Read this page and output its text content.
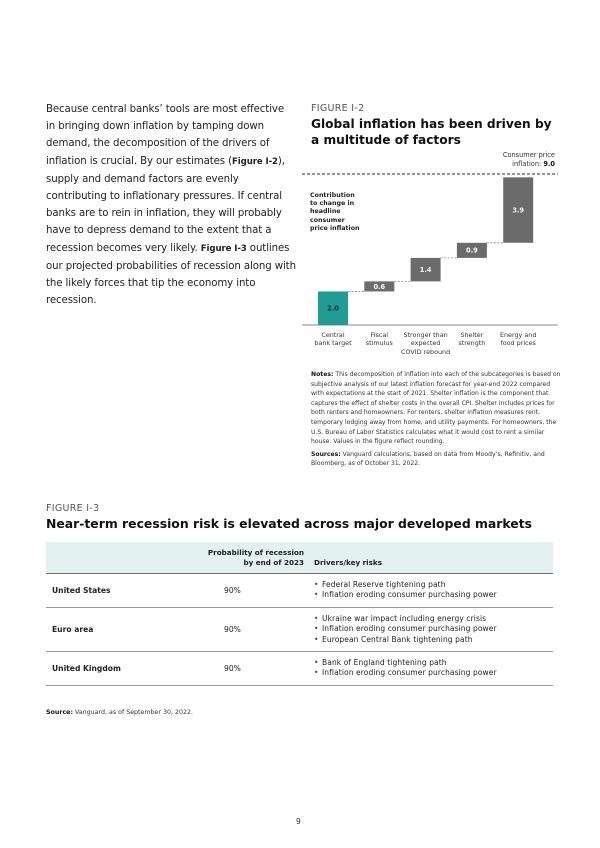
Because central banks’ tools are most effective in bringing down inflation by tamping down demand, the decomposition of the drivers of inflation is crucial. By our estimates (Figure I-2), supply and demand factors are evenly contributing to inflationary pressures. If central banks are to rein in inflation, they will probably have to depress demand to the extent that a recession becomes very likely. Figure I-3 outlines our projected probabilities of recession along with the likely forces that tip the economy into recession.
FIGURE I-2
Global inflation has been driven by a multitude of factors
2.0
0.6
1.4
0.9
3.9
Consumer price
inflation: 9.0
Contribution
to change in
headline
consumer
price inflation
Central
bank target
Fiscal
stimulus
Stronger than
expected
COVID rebound
Shelter
strength
Energy and
food prices
Notes: This decomposition of inflation into each of the subcategories is based on subjective analysis of our latest inflation forecast for year-end 2022 compared with expectations at the start of 2021. Shelter inflation is the component that captures the effect of shelter costs in the overall CPI. Shelter includes prices for both renters and homeowners. For renters, shelter inflation measures rent, temporary lodging away from home, and utility payments. For homeowners, the U.S. Bureau of Labor Statistics calculates what it would cost to rent a similar house. Values in the figure reflect rounding.
Sources: Vanguard calculations, based on data from Moody’s, Refinitiv, and Bloomberg, as of October 31, 2022.
FIGURE I-3
Near-term recession risk is elevated across major developed markets

	Probability of recession
by end of 2023	Drivers/key risks
United States	90%	
• Federal Reserve tightening path
• Inflation eroding consumer purchasing power

Euro area	90%	
• Ukraine war impact including energy crisis
• Inflation eroding consumer purchasing power
• European Central Bank tightening path

United Kingdom	90%	
• Bank of England tightening path
• Inflation eroding consumer purchasing power
Source: Vanguard, as of September 30, 2022.
9
